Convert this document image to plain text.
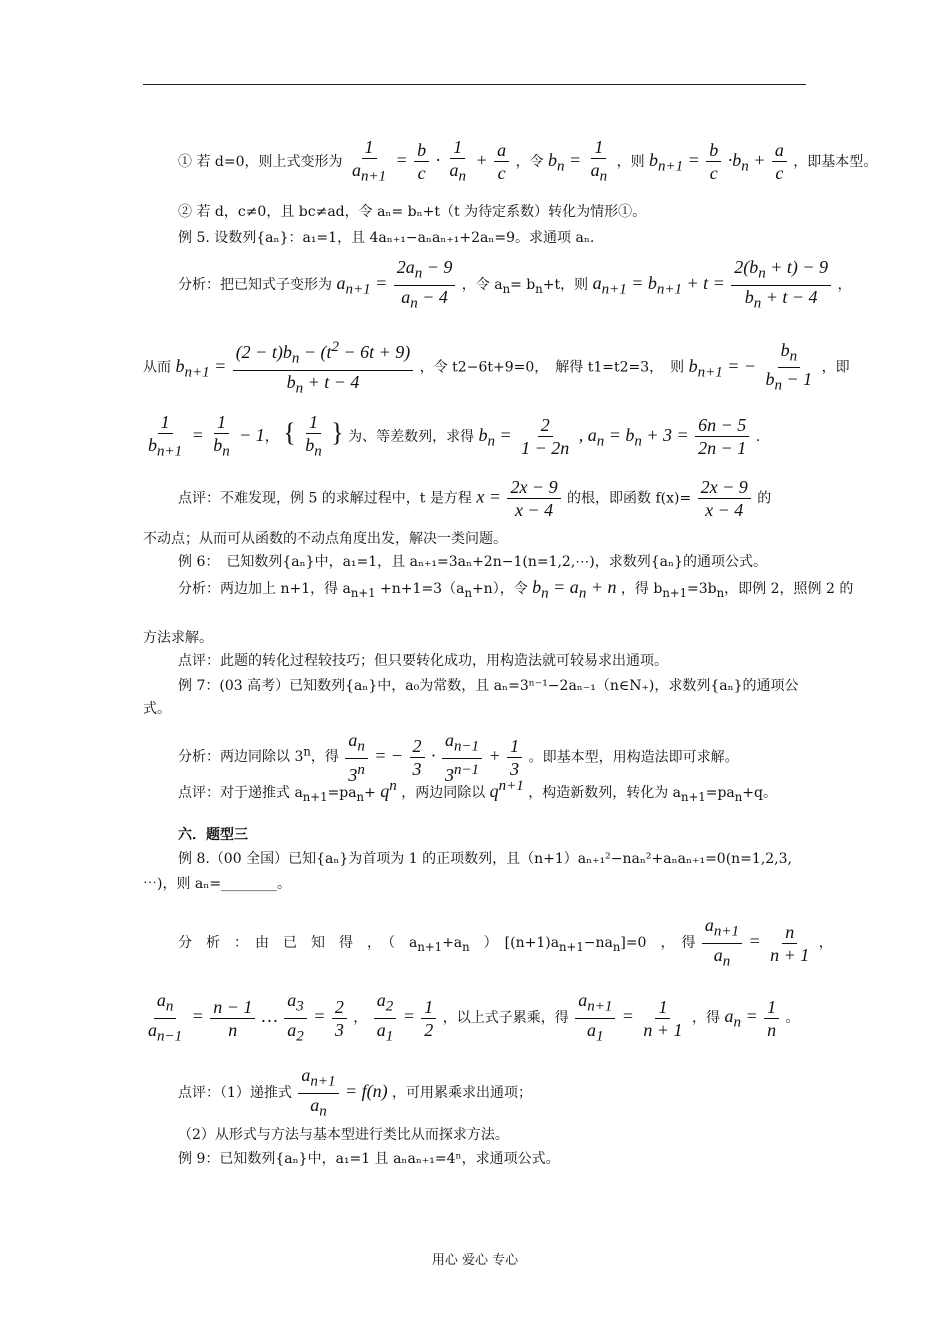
① 若 d=0，则上式变形为 $\frac{1}{a_{n+1}} = \frac{b}{c} \cdot \frac{1}{a_n} + \frac{a}{c}$ ，令 $b_n = \frac{1}{a_n}$ ，则 $b_{n+1} = \frac{b}{c} \cdot b_n + \frac{a}{c}$ ，即基本型。
② 若 d，c≠0，且 bc≠ad，令 aₙ= bₙ+t（t 为待定系数）转化为情形①。
例 5. 设数列{aₙ}：a₁=1，且 4aₙ₊₁−aₙaₙ₊₁+2aₙ=9。求通项 aₙ.
分析：把已知式子变形为 $a_{n+1} = \frac{2a_n - 9}{a_n - 4}$ ，令 $a_n= b_n+t$，则 $a_{n+1} = b_{n+1} + t = \frac{2(b_n + t) - 9}{b_n + t - 4}$ ，
从而 $b_{n+1} = \frac{(2 - t)b_n - (t^2 - 6t + 9)}{b_n + t - 4}$ ，令 t2−6t+9=0，　解得 t1=t2=3，　则 $b_{n+1}$ = − $\frac{b_n}{b_n - 1}$ ，即
$\frac{1}{b_{n+1}} = \frac{1}{b_n} - 1$， { $\frac{1}{b_n}$ } 为、等差数列，求得 $b_n = \frac{2}{1 - 2n}$ , $a_n = b_n + 3 = \frac{6n - 5}{2n - 1}$ .
点评：不难发现，例 5 的求解过程中，t 是方程 $x = \frac{2x - 9}{x - 4}$ 的根，即函数 $f(x)= \frac{2x - 9}{x - 4}$ 的
不动点；从而可从函数的不动点角度出发，解决一类问题。
例 6：　已知数列{aₙ}中，a₁=1，且 aₙ₊₁=3aₙ+2n−1(n=1,2,⋯)，求数列{aₙ}的通项公式。
分析：两边加上 n+1，得 $a_{n+1} +n+1=3(a_n+n)$，令 $b_n = a_n + n$ ，得 $b_{n+1}=3b_n$，即例 2，照例 2 的
方法求解。
点评：此题的转化过程较技巧；但只要转化成功，用构造法就可较易求出通项。
例 7：(03 高考）已知数列{aₙ}中，a₀为常数，且 aₙ=3ⁿ⁻¹−2aₙ₋₁（n∈N₊)，求数列{aₙ}的通项公
式。
分析：两边同除以 3$^n$，得 $\frac{a_n}{3^n}$ = − $\frac{2}{3} \cdot \frac{a_{n-1}}{3^{n-1}} + \frac{1}{3}$ 。即基本型，用构造法即可求解。
点评：对于递推式 $a_{n+1}=pa_n+ q^n$ ，两边同除以 $q^{n+1}$ ，构造新数列，转化为 $a_{n+1}=pa_n+q$。
六．题型三
例 8.（00 全国）已知{aₙ}为首项为 1 的正项数列，且（n+1）aₙ₊₁²−naₙ²+aₙaₙ₊₁=0(n=1,2,3,
⋯)，则 aₙ=________。
分　析　：　由　已　知　得　，　（　$a_{n+1}+a_n$　）　$[(n+1)a_{n+1}-na_n]=0$　，　得 $\frac{a_{n+1}}{a_n} = \frac{n}{n + 1}$ ，
$\frac{a_n}{a_{n-1}} = \frac{n - 1}{n}$ … $\frac{a_3}{a_2} = \frac{2}{3}$ ， $\frac{a_2}{a_1} = \frac{1}{2}$ ，以上式子累乘，得 $\frac{a_{n+1}}{a_1} = \frac{1}{n + 1}$ ，得 $a_n = \frac{1}{n}$ 。
点评：（1）递推式 $\frac{a_{n+1}}{a_n} = f(n)$ ，可用累乘求出通项；
（2）从形式与方法与基本型进行类比从而探求方法。
例 9：已知数列{aₙ}中，a₁=1 且 aₙaₙ₊₁=4ⁿ，求通项公式。
用心 爱心 专心
